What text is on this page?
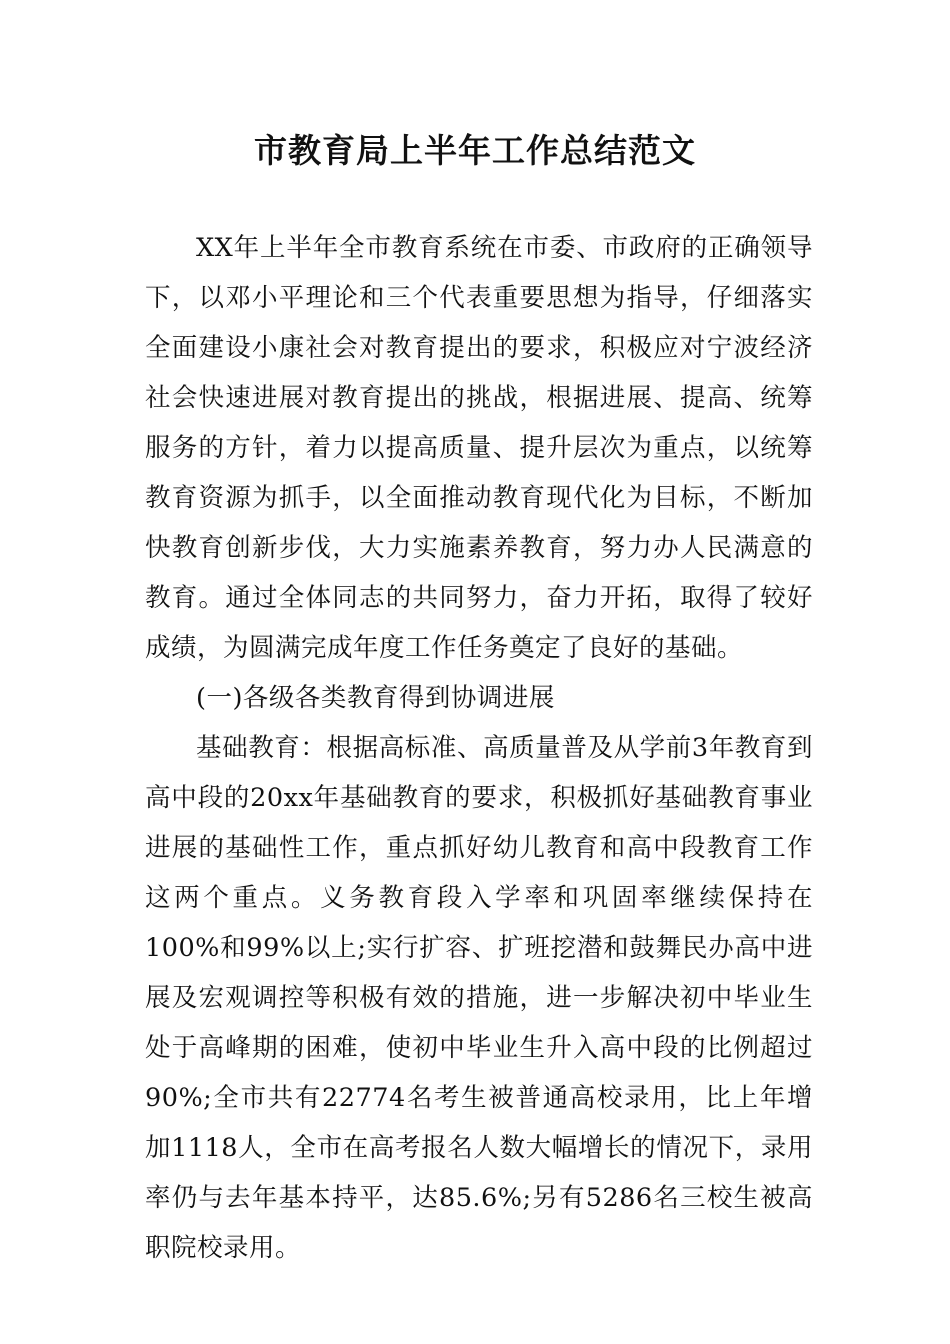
市教育局上半年工作总结范文

XX年上半年全市教育系统在市委、市政府的正确领导下，以邓小平理论和三个代表重要思想为指导，仔细落实全面建设小康社会对教育提出的要求，积极应对宁波经济社会快速进展对教育提出的挑战，根据进展、提高、统筹服务的方针，着力以提高质量、提升层次为重点，以统筹教育资源为抓手，以全面推动教育现代化为目标，不断加快教育创新步伐，大力实施素养教育，努力办人民满意的教育。通过全体同志的共同努力，奋力开拓，取得了较好成绩，为圆满完成年度工作任务奠定了良好的基础。

(一)各级各类教育得到协调进展

基础教育：根据高标准、高质量普及从学前3年教育到高中段的20xx年基础教育的要求，积极抓好基础教育事业进展的基础性工作，重点抓好幼儿教育和高中段教育工作这两个重点。义务教育段入学率和巩固率继续保持在100%和99%以上;实行扩容、扩班挖潜和鼓舞民办高中进展及宏观调控等积极有效的措施，进一步解决初中毕业生处于高峰期的困难，使初中毕业生升入高中段的比例超过90%;全市共有22774名考生被普通高校录用，比上年增加1118人，全市在高考报名人数大幅增长的情况下，录用率仍与去年基本持平，达85.6%;另有5286名三校生被高职院校录用。
